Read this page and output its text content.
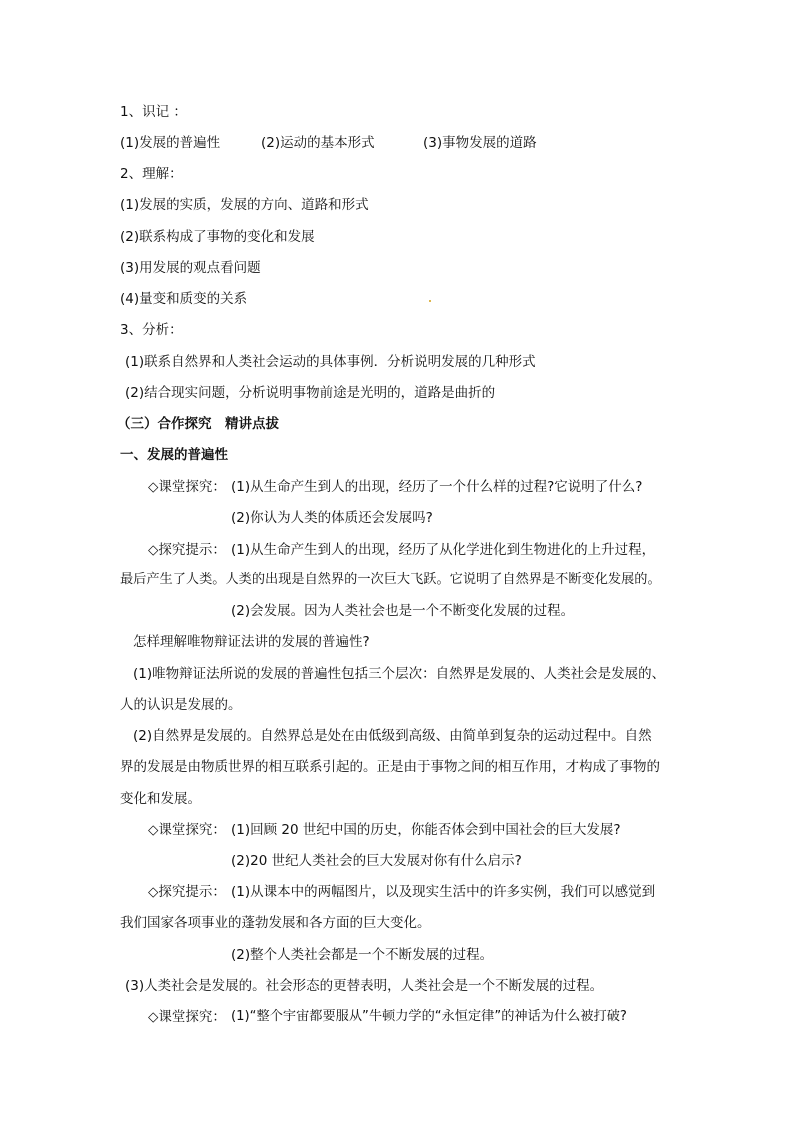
1、识记 ：
(1)发展的普遍性	(2)运动的基本形式	(3)事物发展的道路
2、理解：
(1)发展的实质，发展的方向、道路和形式
(2)联系构成了事物的变化和发展
(3)用发展的观点看问题
(4)量变和质变的关系
3、分析：
(1)联系自然界和人类社会运动的具体事例．分析说明发展的几种形式
(2)结合现实问题，分析说明事物前途是光明的，道路是曲折的
（三）合作探究　精讲点拔
一、发展的普遍性
◇课堂探究： (1)从生命产生到人的出现，经历了一个什么样的过程?它说明了什么?
(2)你认为人类的体质还会发展吗?
◇探究提示： (1)从生命产生到人的出现，经历了从化学进化到生物进化的上升过程，
最后产生了人类。人类的出现是自然界的一次巨大飞跃。它说明了自然界是不断变化发展的。
(2)会发展。因为人类社会也是一个不断变化发展的过程。
怎样理解唯物辩证法讲的发展的普遍性?
(1)唯物辩证法所说的发展的普遍性包括三个层次：自然界是发展的、人类社会是发展的、
人的认识是发展的。
(2)自然界是发展的。自然界总是处在由低级到高级、由简单到复杂的运动过程中。自然
界的发展是由物质世界的相互联系引起的。正是由于事物之间的相互作用，才构成了事物的
变化和发展。
◇课堂探究： (1)回顾 20 世纪中国的历史，你能否体会到中国社会的巨大发展?
(2)20 世纪人类社会的巨大发展对你有什么启示?
◇探究提示： (1)从课本中的两幅图片，以及现实生活中的许多实例，我们可以感觉到
我们国家各项事业的蓬勃发展和各方面的巨大变化。
(2)整个人类社会都是一个不断发展的过程。
(3)人类社会是发展的。社会形态的更替表明，人类社会是一个不断发展的过程。
◇课堂探究： (1)“整个宇宙都要服从”牛顿力学的“永恒定律”的神话为什么被打破?
